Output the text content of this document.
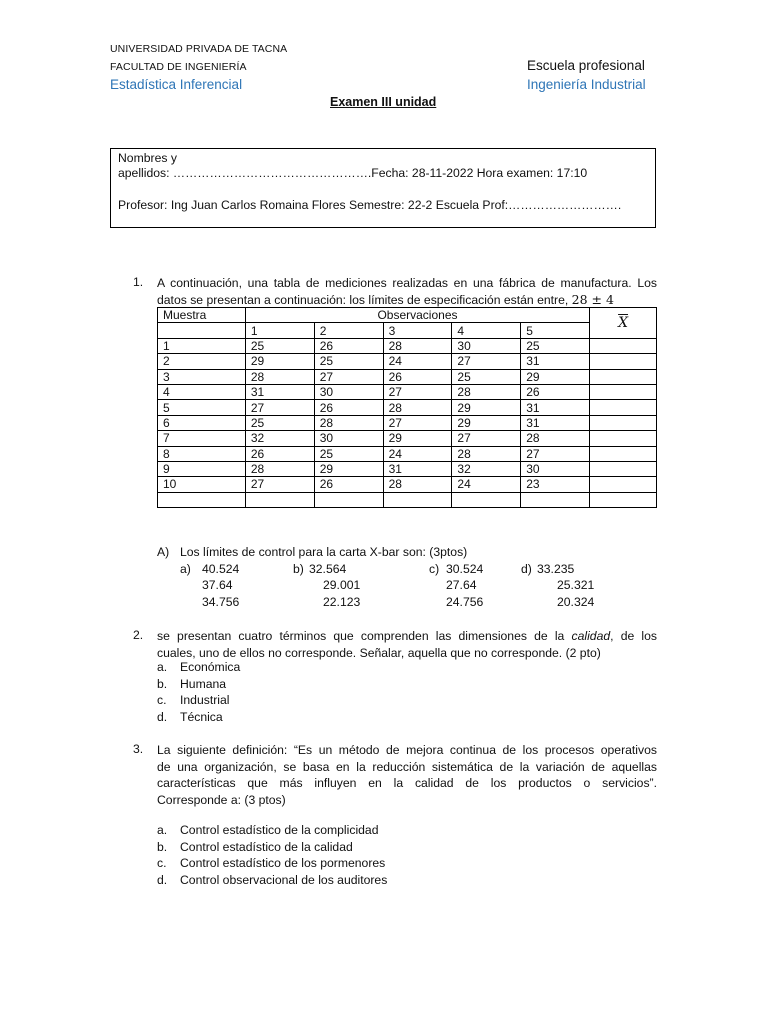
UNIVERSIDAD PRIVADA DE TACNA
FACULTAD DE INGENIERÍA
Estadística Inferencial
Escuela profesional
Ingeniería Industrial
Examen III unidad
Nombres y
apellidos: ………………………………………….Fecha: 28-11-2022 Hora examen: 17:10
Profesor: Ing Juan Carlos Romaina Flores Semestre: 22-2 Escuela Prof:……………………….
1. A continuación, una tabla de mediciones realizadas en una fábrica de manufactura. Los
datos se presentan a continuación: los límites de especificación están entre, 28 ± 4
Muestra	Observaciones					$\overline{X}$
	1	2	3	4	5	
1	25	26	28	30	25	
2	29	25	24	27	31	
3	28	27	26	25	29	
4	31	30	27	28	26	
5	27	26	28	29	31	
6	25	28	27	29	31	
7	32	30	29	27	28	
8	26	25	24	28	27	
9	28	29	31	32	30	
10	27	26	28	24	23	

A) Los límites de control para la carta X-bar son: (3ptos)
a) 40.524
37.64
34.756
b) 32.564
29.001
22.123
c) 30.524
27.64
24.756
d) 33.235
25.321
20.324
2. se presentan cuatro términos que comprenden las dimensiones de la calidad, de los
cuales, uno de ellos no corresponde. Señalar, aquella que no corresponde. (2 pto)
a. Económica
b. Humana
c. Industrial
d. Técnica
3. La siguiente definición: “Es un método de mejora continua de los procesos operativos
de una organización, se basa en la reducción sistemática de la variación de aquellas
características que más influyen en la calidad de los productos o servicios”.
Corresponde a: (3 ptos)
a. Control estadístico de la complicidad
b. Control estadístico de la calidad
c. Control estadístico de los pormenores
d. Control observacional de los auditores
